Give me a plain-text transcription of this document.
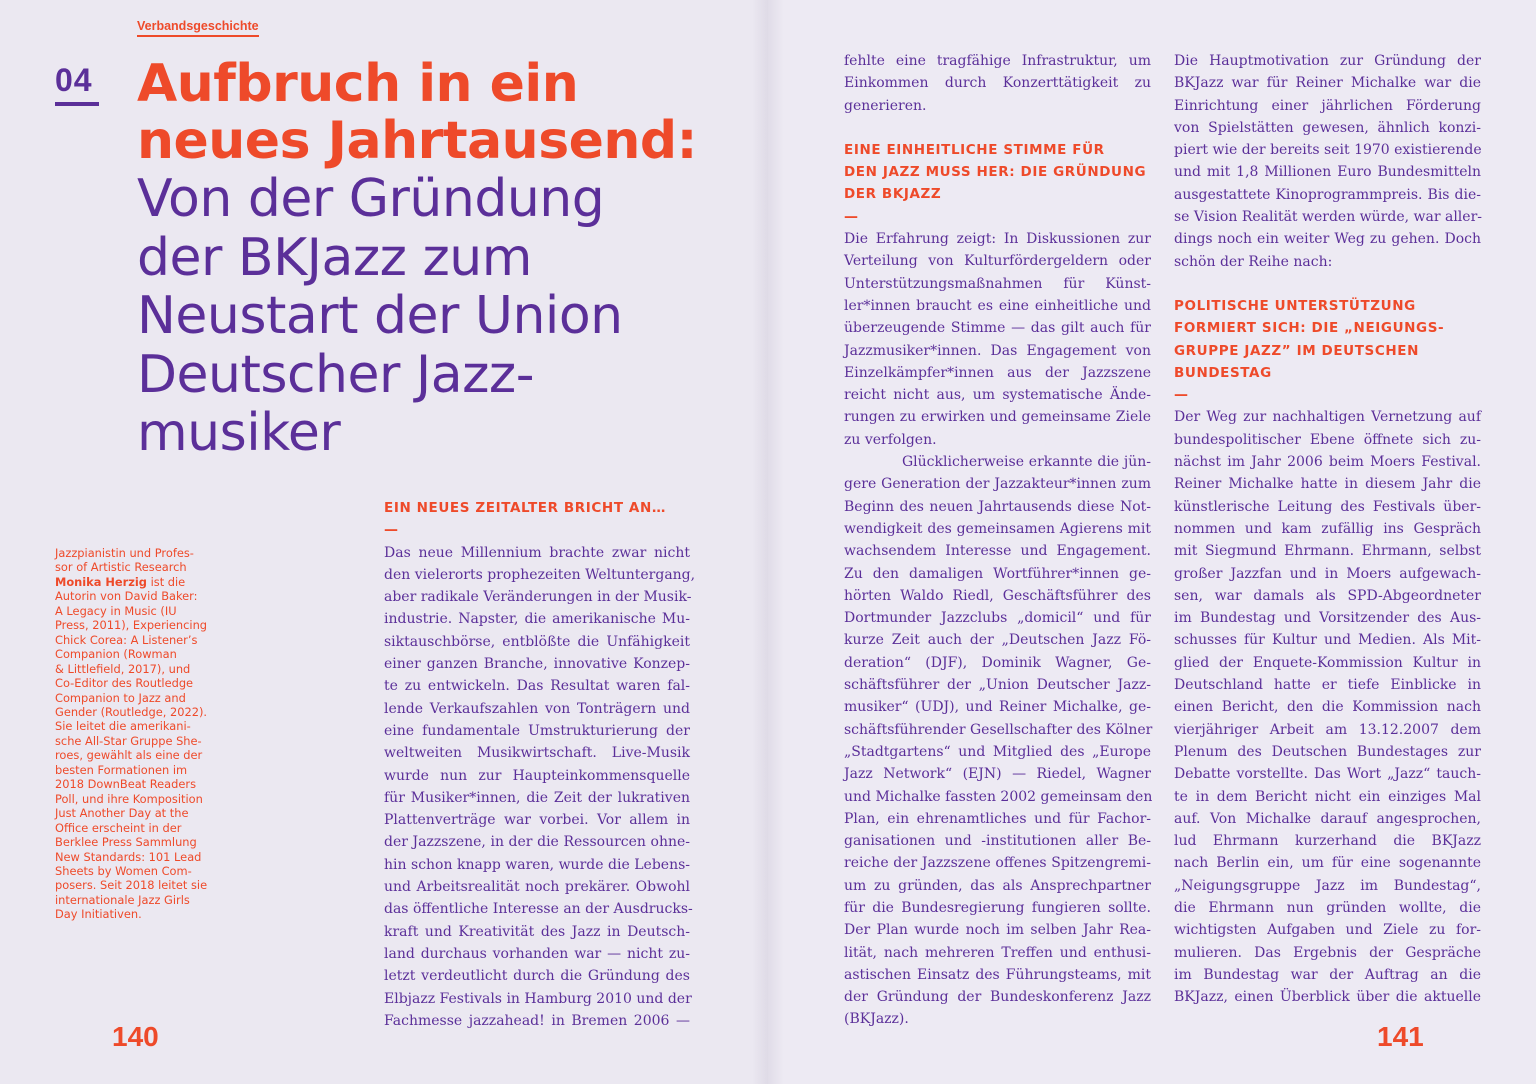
Verbandsgeschichte
04 Aufbruch in ein
neues Jahrtausend:
Von der Gründung
der BKJazz zum
Neustart der Union
Deutscher Jazz-
musiker
Jazzpianistin und Profes-
sor of Artistic Research Monika Herzig ist die
Autorin von David Baker:
A Legacy in Music (IU
Press, 2011), Experiencing
Chick Corea: A Listener’s
Companion (Rowman
& Littlefield, 2017), und
Co-Editor des Routledge
Companion to Jazz and
Gender (Routledge, 2022).
Sie leitet die amerikani-
sche All-Star Gruppe She-
roes, gewählt als eine der
besten Formationen im
2018 DownBeat Readers
Poll, und ihre Komposition
Just Another Day at the
Office erscheint in der
Berklee Press Sammlung
New Standards: 101 Lead
Sheets by Women Com-
posers. Seit 2018 leitet sie
internationale Jazz Girls
Day Initiativen.
EIN NEUES ZEITALTER BRICHT AN…
—
Das neue Millennium brachte zwar nicht
den vielerorts prophezeiten Weltuntergang,
aber radikale Veränderungen in der Musik-
industrie. Napster, die amerikanische Mu-
siktauschbörse, entblößte die Unfähigkeit
einer ganzen Branche, innovative Konzep-
te zu entwickeln. Das Resultat waren fal-
lende Verkaufszahlen von Tonträgern und
eine fundamentale Umstrukturierung der
weltweiten Musikwirtschaft. Live-Musik
wurde nun zur Haupteinkommensquelle
für Musiker*innen, die Zeit der lukrativen
Plattenverträge war vorbei. Vor allem in
der Jazzszene, in der die Ressourcen ohne-
hin schon knapp waren, wurde die Lebens-
und Arbeitsrealität noch prekärer. Obwohl
das öffentliche Interesse an der Ausdrucks-
kraft und Kreativität des Jazz in Deutsch-
land durchaus vorhanden war — nicht zu-
letzt verdeutlicht durch die Gründung des
Elbjazz Festivals in Hamburg 2010 und der
Fachmesse jazzahead! in Bremen 2006 —
fehlte eine tragfähige Infrastruktur, um
Einkommen durch Konzerttätigkeit zu
generieren.
EINE EINHEITLICHE STIMME FÜR
DEN JAZZ MUSS HER: DIE GRÜNDUNG
DER BKJAZZ
—
Die Erfahrung zeigt: In Diskussionen zur
Verteilung von Kulturfördergeldern oder
Unterstützungsmaßnahmen für Künst-
ler*innen braucht es eine einheitliche und
überzeugende Stimme — das gilt auch für
Jazzmusiker*innen. Das Engagement von
Einzelkämpfer*innen aus der Jazzszene
reicht nicht aus, um systematische Ände-
rungen zu erwirken und gemeinsame Ziele
zu verfolgen.
Glücklicherweise erkannte die jün-
gere Generation der Jazzakteur*innen zum
Beginn des neuen Jahrtausends diese Not-
wendigkeit des gemeinsamen Agierens mit
wachsendem Interesse und Engagement.
Zu den damaligen Wortführer*innen ge-
hörten Waldo Riedl, Geschäftsführer des
Dortmunder Jazzclubs „domicil“ und für
kurze Zeit auch der „Deutschen Jazz Fö-
deration“ (DJF), Dominik Wagner, Ge-
schäftsführer der „Union Deutscher Jazz-
musiker“ (UDJ), und Reiner Michalke, ge-
schäftsführender Gesellschafter des Kölner
„Stadtgartens“ und Mitglied des „Europe
Jazz Network“ (EJN) — Riedel, Wagner
und Michalke fassten 2002 gemeinsam den
Plan, ein ehrenamtliches und für Fachor-
ganisationen und -institutionen aller Be-
reiche der Jazzszene offenes Spitzengremi-
um zu gründen, das als Ansprechpartner
für die Bundesregierung fungieren sollte.
Der Plan wurde noch im selben Jahr Rea-
lität, nach mehreren Treffen und enthusi-
astischen Einsatz des Führungsteams, mit
der Gründung der Bundeskonferenz Jazz
(BKJazz).
Die Hauptmotivation zur Gründung der
BKJazz war für Reiner Michalke war die
Einrichtung einer jährlichen Förderung
von Spielstätten gewesen, ähnlich konzi-
piert wie der bereits seit 1970 existierende
und mit 1,8 Millionen Euro Bundesmitteln
ausgestattete Kinoprogrammpreis. Bis die-
se Vision Realität werden würde, war aller-
dings noch ein weiter Weg zu gehen. Doch
schön der Reihe nach:
POLITISCHE UNTERSTÜTZUNG
FORMIERT SICH: DIE „NEIGUNGS-
GRUPPE JAZZ” IM DEUTSCHEN
BUNDESTAG
—
Der Weg zur nachhaltigen Vernetzung auf
bundespolitischer Ebene öffnete sich zu-
nächst im Jahr 2006 beim Moers Festival.
Reiner Michalke hatte in diesem Jahr die
künstlerische Leitung des Festivals über-
nommen und kam zufällig ins Gespräch
mit Siegmund Ehrmann. Ehrmann, selbst
großer Jazzfan und in Moers aufgewach-
sen, war damals als SPD-Abgeordneter
im Bundestag und Vorsitzender des Aus-
schusses für Kultur und Medien. Als Mit-
glied der Enquete-Kommission Kultur in
Deutschland hatte er tiefe Einblicke in
einen Bericht, den die Kommission nach
vierjähriger Arbeit am 13.12.2007 dem
Plenum des Deutschen Bundestages zur
Debatte vorstellte. Das Wort „Jazz“ tauch-
te in dem Bericht nicht ein einziges Mal
auf. Von Michalke darauf angesprochen,
lud Ehrmann kurzerhand die BKJazz
nach Berlin ein, um für eine sogenannte
„Neigungsgruppe Jazz im Bundestag“,
die Ehrmann nun gründen wollte, die
wichtigsten Aufgaben und Ziele zu for-
mulieren. Das Ergebnis der Gespräche
im Bundestag war der Auftrag an die
BKJazz, einen Überblick über die aktuelle
140	141
